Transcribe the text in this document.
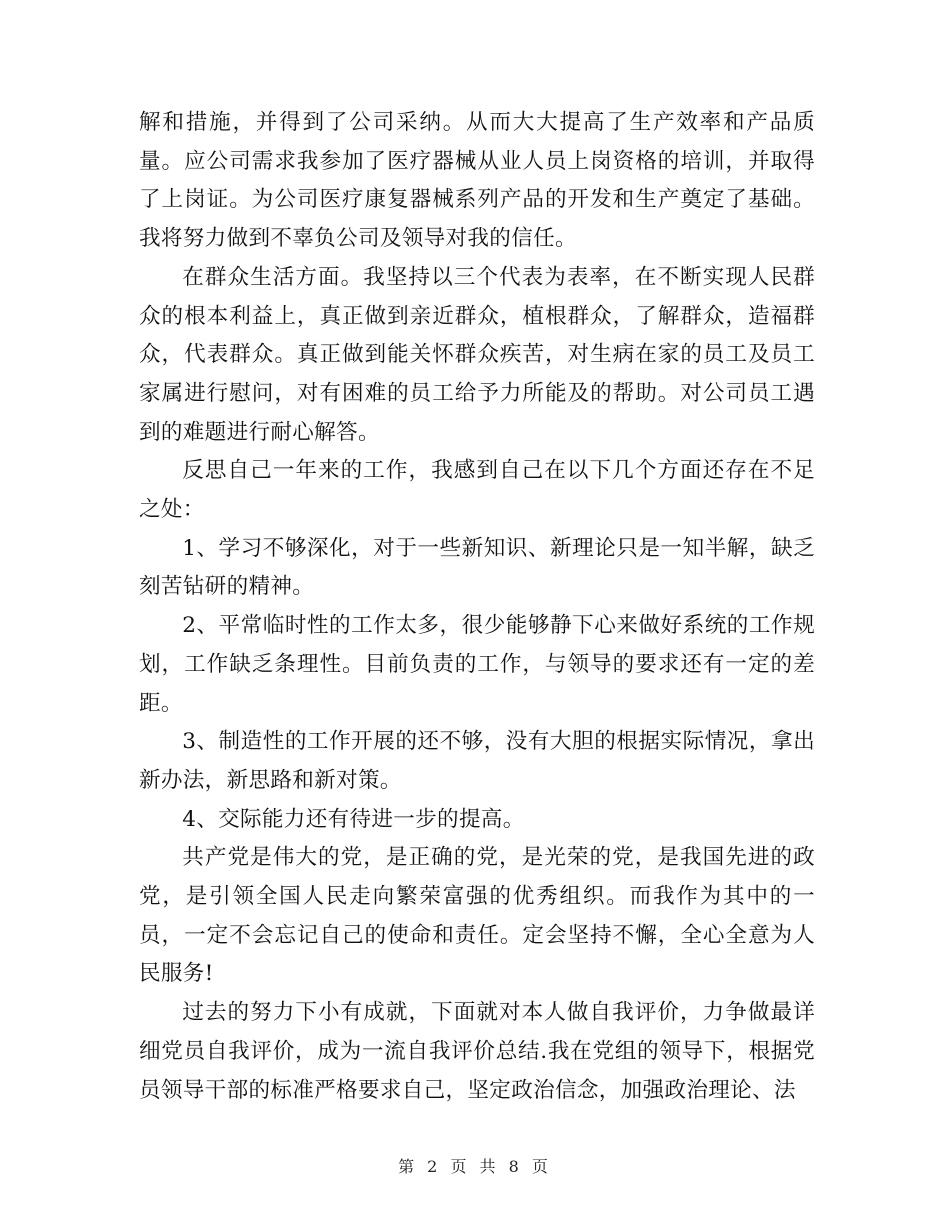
解和措施，并得到了公司采纳。从而大大提高了生产效率和产品质量。应公司需求我参加了医疗器械从业人员上岗资格的培训，并取得了上岗证。为公司医疗康复器械系列产品的开发和生产奠定了基础。我将努力做到不辜负公司及领导对我的信任。

在群众生活方面。我坚持以三个代表为表率，在不断实现人民群众的根本利益上，真正做到亲近群众，植根群众，了解群众，造福群众，代表群众。真正做到能关怀群众疾苦，对生病在家的员工及员工家属进行慰问，对有困难的员工给予力所能及的帮助。对公司员工遇到的难题进行耐心解答。

反思自己一年来的工作，我感到自己在以下几个方面还存在不足之处：

1、学习不够深化，对于一些新知识、新理论只是一知半解，缺乏刻苦钻研的精神。

2、平常临时性的工作太多，很少能够静下心来做好系统的工作规划，工作缺乏条理性。目前负责的工作，与领导的要求还有一定的差距。

3、制造性的工作开展的还不够，没有大胆的根据实际情况，拿出新办法，新思路和新对策。

4、交际能力还有待进一步的提高。

共产党是伟大的党，是正确的党，是光荣的党，是我国先进的政党，是引领全国人民走向繁荣富强的优秀组织。而我作为其中的一员，一定不会忘记自己的使命和责任。定会坚持不懈，全心全意为人民服务!

过去的努力下小有成就，下面就对本人做自我评价，力争做最详细党员自我评价，成为一流自我评价总结.我在党组的领导下，根据党员领导干部的标准严格要求自己，坚定政治信念，加强政治理论、法

第 2 页 共 8 页
